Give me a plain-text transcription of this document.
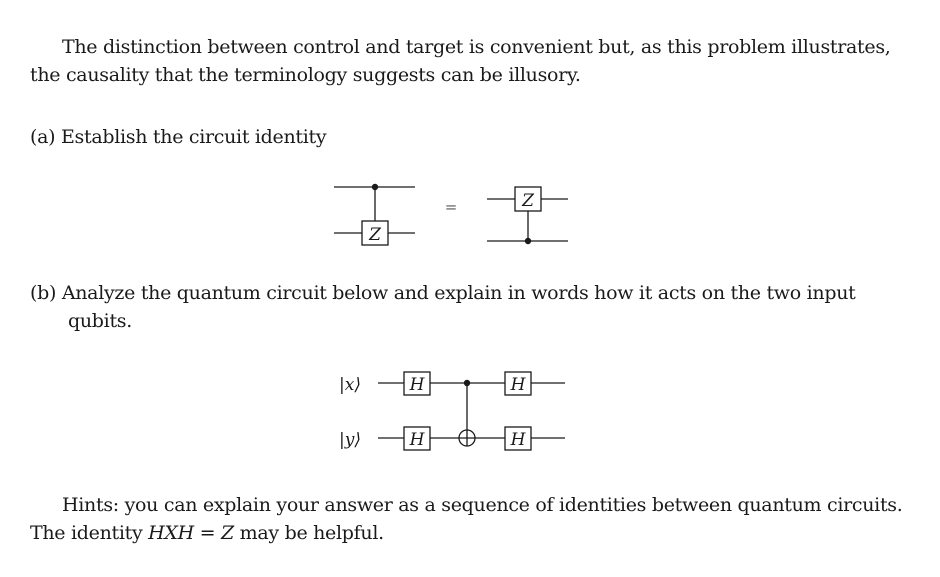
The distinction between control and target is convenient but, as this problem illustrates,
the causality that the terminology suggests can be illusory.
(a) Establish the circuit identity
Z
=	Z
H
H
H
H
|x⟩
|y⟩
(b) Analyze the quantum circuit below and explain in words how it acts on the two input
qubits.
Hints: you can explain your answer as a sequence of identities between quantum circuits.
The identity HXH = Z may be helpful.
